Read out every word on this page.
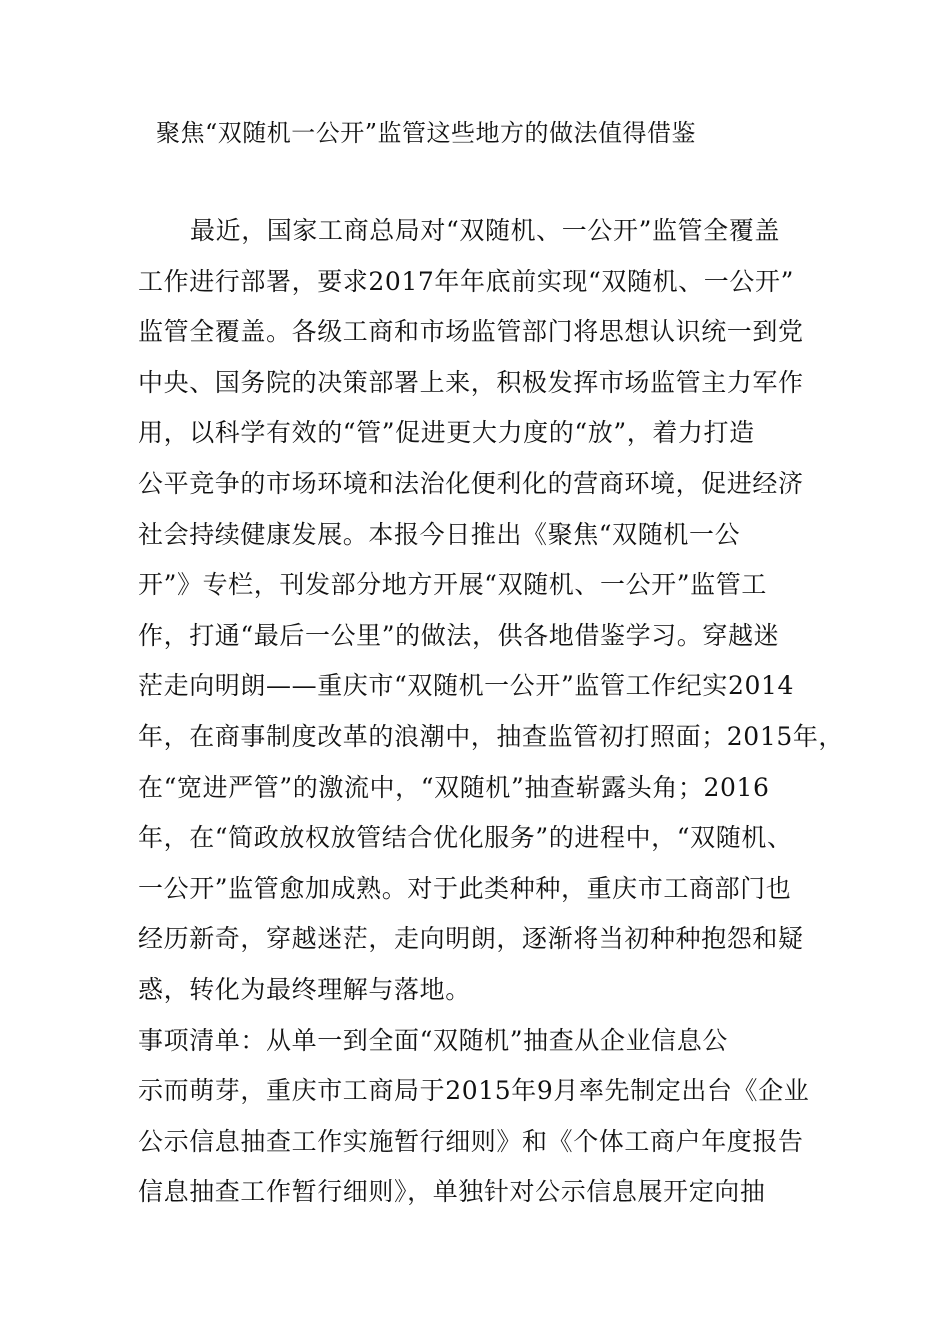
聚焦“双随机一公开”监管这些地方的做法值得借鉴
最近，国家工商总局对“双随机、一公开”监管全覆盖
工作进行部署，要求2017年年底前实现“双随机、一公开”
监管全覆盖。各级工商和市场监管部门将思想认识统一到党
中央、国务院的决策部署上来，积极发挥市场监管主力军作
用，以科学有效的“管”促进更大力度的“放”，着力打造
公平竞争的市场环境和法治化便利化的营商环境，促进经济
社会持续健康发展。本报今日推出《聚焦“双随机一公
开”》专栏，刊发部分地方开展“双随机、一公开”监管工
作，打通“最后一公里”的做法，供各地借鉴学习。穿越迷
茫走向明朗——重庆市“双随机一公开”监管工作纪实2014
年，在商事制度改革的浪潮中，抽查监管初打照面；2015年，
在“宽进严管”的激流中，“双随机”抽查崭露头角；2016
年，在“简政放权放管结合优化服务”的进程中，“双随机、
一公开”监管愈加成熟。对于此类种种，重庆市工商部门也
经历新奇，穿越迷茫，走向明朗，逐渐将当初种种抱怨和疑
惑，转化为最终理解与落地。
事项清单：从单一到全面“双随机”抽查从企业信息公
示而萌芽，重庆市工商局于2015年9月率先制定出台《企业
公示信息抽查工作实施暂行细则》和《个体工商户年度报告
信息抽查工作暂行细则》，单独针对公示信息展开定向抽
